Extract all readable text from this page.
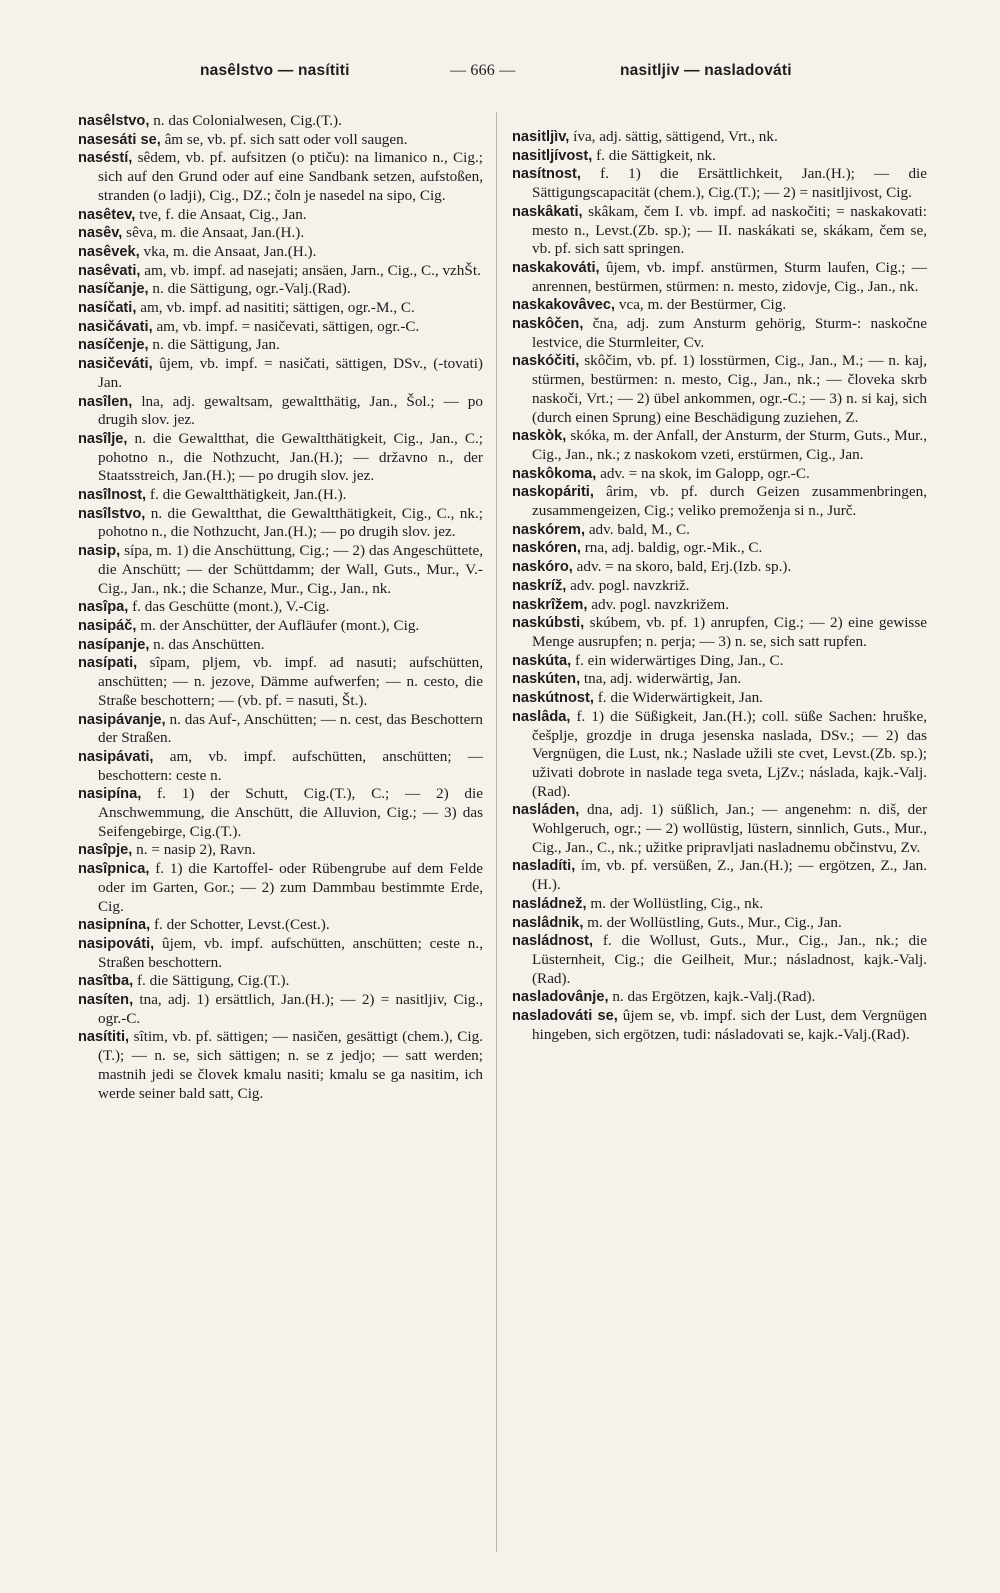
nasêlstvo — nasítiti	— 666 —	nasitljiv — nasladováti

nasêlstvo, n. das Colonialwesen, Cig.(T.).

nasesáti se, âm se, vb. pf. sich satt oder voll saugen.

naséstí, sêdem, vb. pf. aufsitzen (o ptiču): na limanico n., Cig.; sich auf den Grund oder auf eine Sandbank setzen, aufstoßen, stranden (o ladji), Cig., DZ.; čoln je nasedel na sipo, Cig.

nasêtev, tve, f. die Ansaat, Cig., Jan.

nasêv, sêva, m. die Ansaat, Jan.(H.).

nasêvek, vka, m. die Ansaat, Jan.(H.).

nasêvati, am, vb. impf. ad nasejati; ansäen, Jarn., Cig., C., vzhŠt.

nasíčanje, n. die Sättigung, ogr.-Valj.(Rad).

nasíčati, am, vb. impf. ad nasititi; sättigen, ogr.-M., C.

nasičávati, am, vb. impf. = nasičevati, sättigen, ogr.-C.

nasíčenje, n. die Sättigung, Jan.

nasičeváti, ûjem, vb. impf. = nasičati, sättigen, DSv., (-tovati) Jan.

nasîlen, lna, adj. gewaltsam, gewaltthätig, Jan., Šol.; — po drugih slov. jez.

nasîlje, n. die Gewaltthat, die Gewaltthätigkeit, Cig., Jan., C.; pohotno n., die Nothzucht, Jan.(H.); — državno n., der Staatsstreich, Jan.(H.); — po drugih slov. jez.

nasîlnost, f. die Gewaltthätigkeit, Jan.(H.).

nasîlstvo, n. die Gewaltthat, die Gewaltthätigkeit, Cig., C., nk.; pohotno n., die Nothzucht, Jan.(H.); — po drugih slov. jez.

nasip, sípa, m. 1) die Anschüttung, Cig.; — 2) das Angeschüttete, die Anschütt; — der Schüttdamm; der Wall, Guts., Mur., V.-Cig., Jan., nk.; die Schanze, Mur., Cig., Jan., nk.

nasîpa, f. das Geschütte (mont.), V.-Cig.

nasipáč, m. der Anschütter, der Aufläufer (mont.), Cig.

nasípanje, n. das Anschütten.

nasípati, sîpam, pljem, vb. impf. ad nasuti; aufschütten, anschütten; — n. jezove, Dämme aufwerfen; — n. cesto, die Straße beschottern; — (vb. pf. = nasuti, Št.).

nasipávanje, n. das Auf-, Anschütten; — n. cest, das Beschottern der Straßen.

nasipávati, am, vb. impf. aufschütten, anschütten; — beschottern: ceste n.

nasipína, f. 1) der Schutt, Cig.(T.), C.; — 2) die Anschwemmung, die Anschütt, die Alluvion, Cig.; — 3) das Seifengebirge, Cig.(T.).

nasîpje, n. = nasip 2), Ravn.

nasîpnica, f. 1) die Kartoffel- oder Rübengrube auf dem Felde oder im Garten, Gor.; — 2) zum Dammbau bestimmte Erde, Cig.

nasipnína, f. der Schotter, Levst.(Cest.).

nasipováti, ûjem, vb. impf. aufschütten, anschütten; ceste n., Straßen beschottern.

nasîtba, f. die Sättigung, Cig.(T.).

nasíten, tna, adj. 1) ersättlich, Jan.(H.); — 2) = nasitljiv, Cig., ogr.-C.

nasítiti, sîtim, vb. pf. sättigen; — nasičen, gesättigt (chem.), Cig.(T.); — n. se, sich sättigen; n. se z jedjo; — satt werden; mastnih jedi se človek kmalu nasiti; kmalu se ga nasitim, ich werde seiner bald satt, Cig.

nasitljìv, íva, adj. sättig, sättigend, Vrt., nk.

nasitljívost, f. die Sättigkeit, nk.

nasítnost, f. 1) die Ersättlichkeit, Jan.(H.); — die Sättigungscapacität (chem.), Cig.(T.); — 2) = nasitljivost, Cig.

naskâkati, skâkam, čem I. vb. impf. ad naskočiti; = naskakovati: mesto n., Levst.(Zb. sp.); — II. naskákati se, skákam, čem se, vb. pf. sich satt springen.

naskakováti, ûjem, vb. impf. anstürmen, Sturm laufen, Cig.; — anrennen, bestürmen, stürmen: n. mesto, zidovje, Cig., Jan., nk.

naskakovâvec, vca, m. der Bestürmer, Cig.

naskôčen, čna, adj. zum Ansturm gehörig, Sturm-: naskočne lestvice, die Sturmleiter, Cv.

naskóčiti, skôčim, vb. pf. 1) losstürmen, Cig., Jan., M.; — n. kaj, stürmen, bestürmen: n. mesto, Cig., Jan., nk.; — človeka skrb naskoči, Vrt.; — 2) übel ankommen, ogr.-C.; — 3) n. si kaj, sich (durch einen Sprung) eine Beschädigung zuziehen, Z.

naskòk, skóka, m. der Anfall, der Ansturm, der Sturm, Guts., Mur., Cig., Jan., nk.; z naskokom vzeti, erstürmen, Cig., Jan.

naskôkoma, adv. = na skok, im Galopp, ogr.-C.

naskopáriti, ârim, vb. pf. durch Geizen zusammenbringen, zusammengeizen, Cig.; veliko premoženja si n., Jurč.

naskórem, adv. bald, M., C.

naskóren, rna, adj. baldig, ogr.-Mik., C.

naskóro, adv. = na skoro, bald, Erj.(Izb. sp.).

naskríž, adv. pogl. navzkriž.

naskrîžem, adv. pogl. navzkrižem.

naskúbsti, skúbem, vb. pf. 1) anrupfen, Cig.; — 2) eine gewisse Menge ausrupfen; n. perja; — 3) n. se, sich satt rupfen.

naskúta, f. ein widerwärtiges Ding, Jan., C.

naskúten, tna, adj. widerwärtig, Jan.

naskútnost, f. die Widerwärtigkeit, Jan.

naslâda, f. 1) die Süßigkeit, Jan.(H.); coll. süße Sachen: hruške, češplje, grozdje in druga jesenska naslada, DSv.; — 2) das Vergnügen, die Lust, nk.; Naslade užili ste cvet, Levst.(Zb. sp.); uživati dobrote in naslade tega sveta, LjZv.; náslada, kajk.-Valj.(Rad).

nasláden, dna, adj. 1) süßlich, Jan.; — angenehm: n. diš, der Wohlgeruch, ogr.; — 2) wollüstig, lüstern, sinnlich, Guts., Mur., Cig., Jan., C., nk.; užitke pripravljati nasladnemu občinstvu, Zv.

nasladíti, ím, vb. pf. versüßen, Z., Jan.(H.); — ergötzen, Z., Jan.(H.).

nasládnež, m. der Wollüstling, Cig., nk.

naslâdnik, m. der Wollüstling, Guts., Mur., Cig., Jan.

nasládnost, f. die Wollust, Guts., Mur., Cig., Jan., nk.; die Lüsternheit, Cig.; die Geilheit, Mur.; násladnost, kajk.-Valj.(Rad).

nasladovânje, n. das Ergötzen, kajk.-Valj.(Rad).

nasladováti se, ûjem se, vb. impf. sich der Lust, dem Vergnügen hingeben, sich ergötzen, tudi: násladovati se, kajk.-Valj.(Rad).
